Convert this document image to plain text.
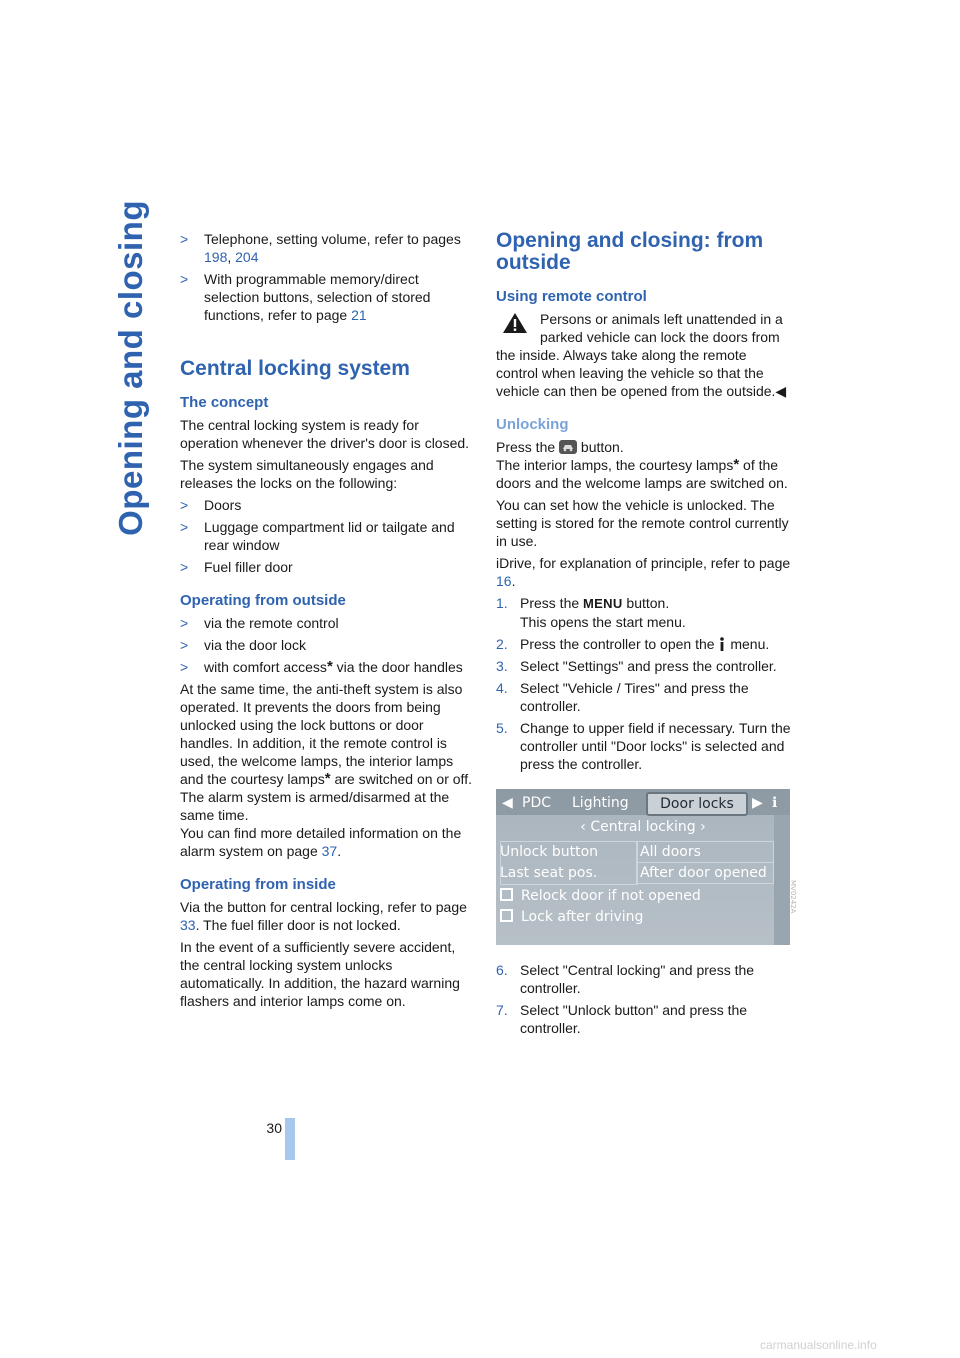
Opening and closing >	Telephone, setting volume, refer to pages 198, 204
>	With programmable memory/direct selection buttons, selection of stored functions, refer to page 21
Central locking system
The concept

The central locking system is ready for operation whenever the driver's door is closed.

The system simultaneously engages and releases the locks on the following:

>	Doors
>	Luggage compartment lid or tailgate and rear window
>	Fuel filler door
Operating from outside
>	via the remote control
>	via the door lock
>	with comfort access* via the door handles

At the same time, the anti-theft system is also operated. It prevents the doors from being unlocked using the lock buttons or door handles. In addition, it the remote control is used, the welcome lamps, the interior lamps and the courtesy lamps* are switched on or off. The alarm system is armed/disarmed at the same time.
You can find more detailed information on the alarm system on page 37.

Operating from inside

Via the button for central locking, refer to page 33. The fuel filler door is not locked.

In the event of a sufficiently severe accident, the central locking system unlocks automatically. In addition, the hazard warning flashers and interior lamps come on.

Opening and closing: from outside
Using remote control

Persons or animals left unattended in a parked vehicle can lock the doors from the inside. Always take along the remote control when leaving the vehicle so that the vehicle can then be opened from the outside.◀

Unlocking

Press the  button.

The interior lamps, the courtesy lamps* of the doors and the welcome lamps are switched on.

You can set how the vehicle is unlocked. The setting is stored for the remote control currently in use.

iDrive, for explanation of principle, refer to page 16.

1. Press the MENU button.
This opens the start menu.
2. Press the controller to open the  menu.
3. Select "Settings" and press the controller.
4. Select "Vehicle / Tires" and press the controller.
5. Change to upper field if necessary. Turn the controller until "Door locks" is selected and press the controller.
◀ PDC Lighting	Door locks	▶ ℹ
‹ Central locking ›
Unlock button	All doors
Last seat pos.	After door opened
Relock door if not opened
Lock after driving
6. Select "Central locking" and press the controller.
7. Select "Unlock button" and press the controller.
MV0242A
30
carmanualsonline.info
